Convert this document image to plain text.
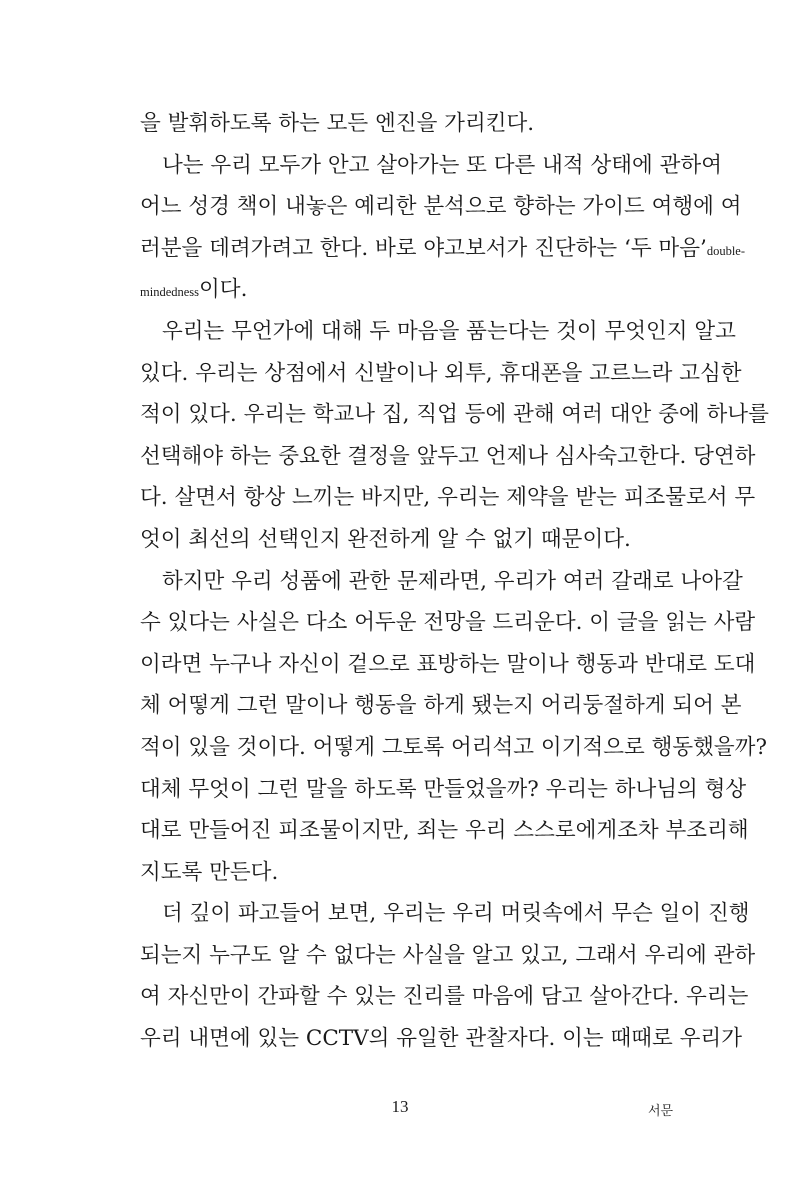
을 발휘하도록 하는 모든 엔진을 가리킨다.
나는 우리 모두가 안고 살아가는 또 다른 내적 상태에 관하여
어느 성경 책이 내놓은 예리한 분석으로 향하는 가이드 여행에 여
러분을 데려가려고 한다. 바로 야고보서가 진단하는 ‘두 마음’double-
mindedness이다.
우리는 무언가에 대해 두 마음을 품는다는 것이 무엇인지 알고
있다. 우리는 상점에서 신발이나 외투, 휴대폰을 고르느라 고심한
적이 있다. 우리는 학교나 집, 직업 등에 관해 여러 대안 중에 하나를
선택해야 하는 중요한 결정을 앞두고 언제나 심사숙고한다. 당연하
다. 살면서 항상 느끼는 바지만, 우리는 제약을 받는 피조물로서 무
엇이 최선의 선택인지 완전하게 알 수 없기 때문이다.
하지만 우리 성품에 관한 문제라면, 우리가 여러 갈래로 나아갈
수 있다는 사실은 다소 어두운 전망을 드리운다. 이 글을 읽는 사람
이라면 누구나 자신이 겉으로 표방하는 말이나 행동과 반대로 도대
체 어떻게 그런 말이나 행동을 하게 됐는지 어리둥절하게 되어 본
적이 있을 것이다. 어떻게 그토록 어리석고 이기적으로 행동했을까?
대체 무엇이 그런 말을 하도록 만들었을까? 우리는 하나님의 형상
대로 만들어진 피조물이지만, 죄는 우리 스스로에게조차 부조리해
지도록 만든다.
더 깊이 파고들어 보면, 우리는 우리 머릿속에서 무슨 일이 진행
되는지 누구도 알 수 없다는 사실을 알고 있고, 그래서 우리에 관하
여 자신만이 간파할 수 있는 진리를 마음에 담고 살아간다. 우리는
우리 내면에 있는 CCTV의 유일한 관찰자다. 이는 때때로 우리가
13	서문
